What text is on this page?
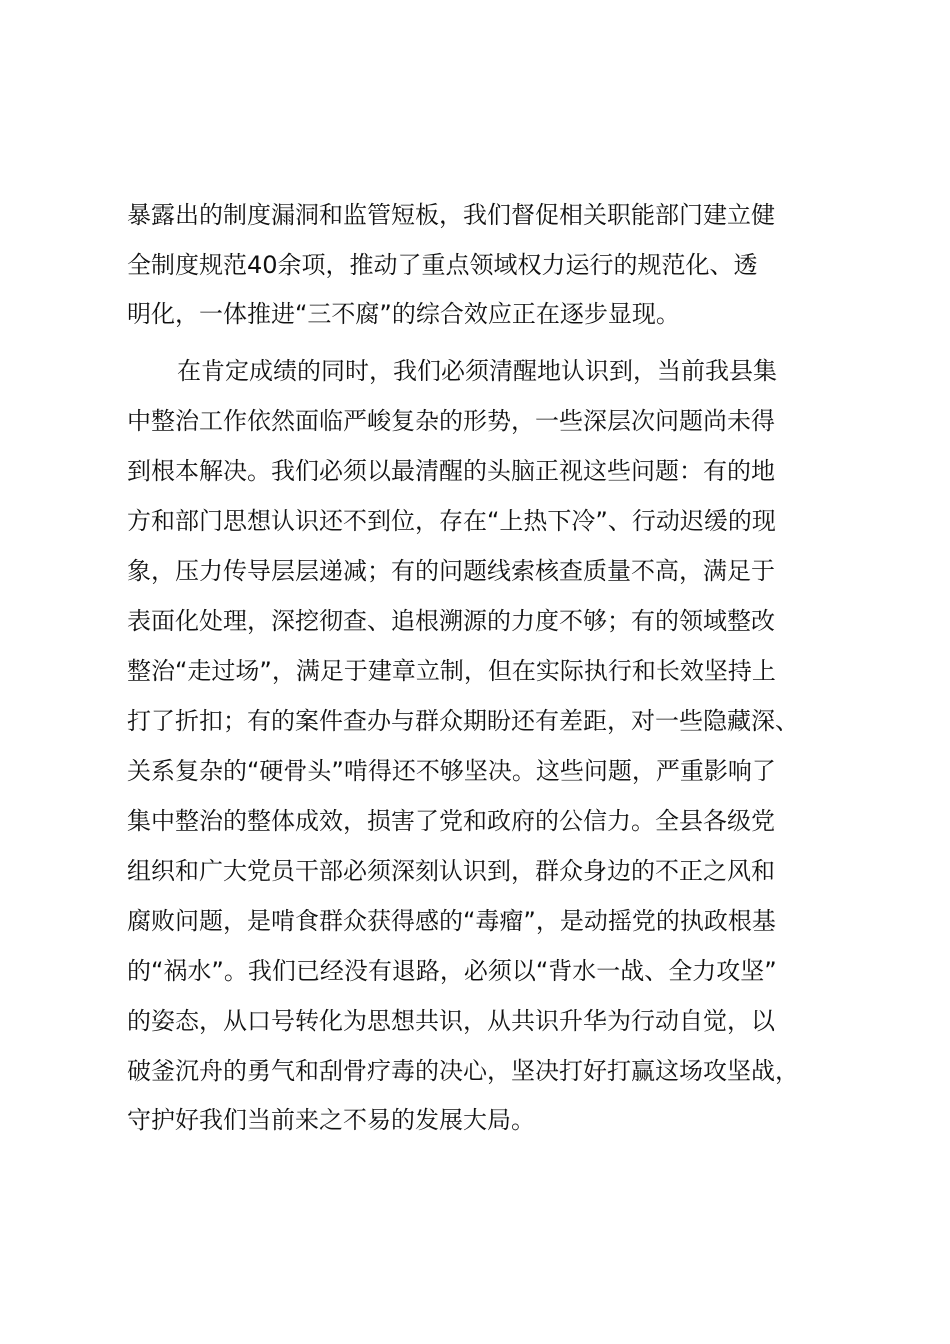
暴露出的制度漏洞和监管短板，我们督促相关职能部门建立健
全制度规范40余项，推动了重点领域权力运行的规范化、透
明化，一体推进“三不腐”的综合效应正在逐步显现。
在肯定成绩的同时，我们必须清醒地认识到，当前我县集
中整治工作依然面临严峻复杂的形势，一些深层次问题尚未得
到根本解决。我们必须以最清醒的头脑正视这些问题：有的地
方和部门思想认识还不到位，存在“上热下冷”、行动迟缓的现
象，压力传导层层递减；有的问题线索核查质量不高，满足于
表面化处理，深挖彻查、追根溯源的力度不够；有的领域整改
整治“走过场”，满足于建章立制，但在实际执行和长效坚持上
打了折扣；有的案件查办与群众期盼还有差距，对一些隐藏深、
关系复杂的“硬骨头”啃得还不够坚决。这些问题，严重影响了
集中整治的整体成效，损害了党和政府的公信力。全县各级党
组织和广大党员干部必须深刻认识到，群众身边的不正之风和
腐败问题，是啃食群众获得感的“毒瘤”，是动摇党的执政根基
的“祸水”。我们已经没有退路，必须以“背水一战、全力攻坚”
的姿态，从口号转化为思想共识，从共识升华为行动自觉，以
破釜沉舟的勇气和刮骨疗毒的决心，坚决打好打赢这场攻坚战，
守护好我们当前来之不易的发展大局。
